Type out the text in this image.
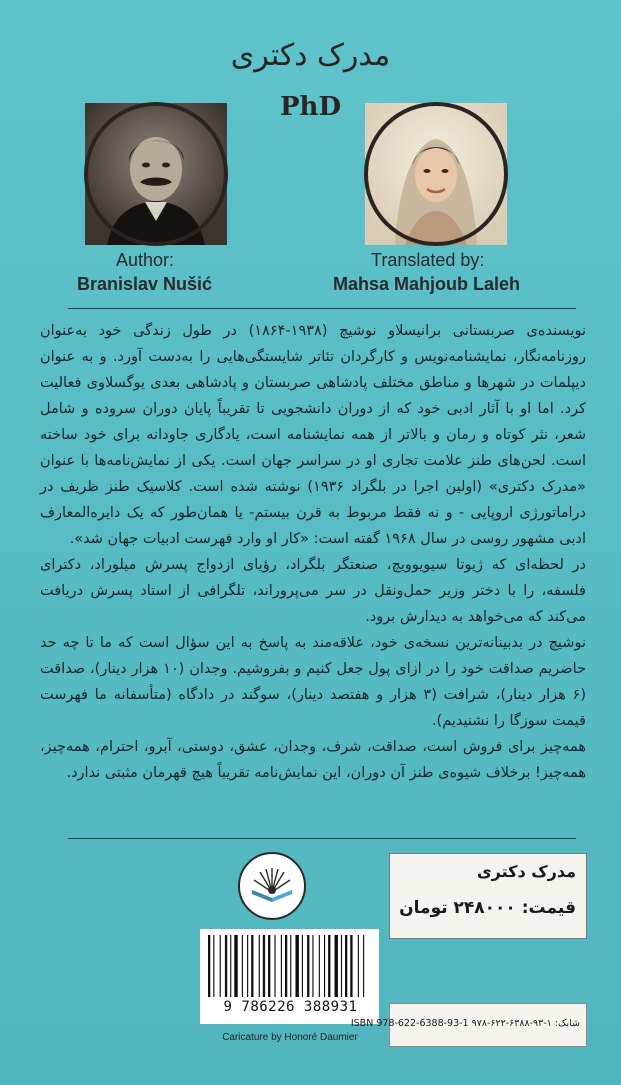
مدرک دکتری
PhD
Author:
Branislav Nušić
Translated by:
Mahsa Mahjoub Laleh

نویسنده‌ی صربستانی برانیسلاو نوشیچ (۱۹۳۸-۱۸۶۴) در طول زندگی خود به‌عنوان روزنامه‌نگار، نمایشنامه‌نویس و کارگردان تئاتر شایستگی‌هایی را به‌دست آورد. و به عنوان دیپلمات در شهرها و مناطق مختلف پادشاهی صربستان و پادشاهی بعدی یوگسلاوی فعالیت کرد. اما او با آثار ادبی خود که از دوران دانشجویی تا تقریباً پایان دوران سروده و شامل شعر، نثر کوتاه و رمان و بالاتر از همه نمایشنامه است، یادگاری جاودانه برای خود ساخته است. لحن‌های طنز علامت تجاری او در سراسر جهان است. یکی از نمایش‌نامه‌ها با عنوان «مدرک دکتری» (اولین اجرا در بلگراد ۱۹۳۶) نوشته شده است. کلاسیک طنز ظریف در دراماتورژی اروپایی - و نه فقط مربوط به قرن بیستم- یا همان‌طور که یک دایره‌المعارف ادبی مشهور روسی در سال ۱۹۶۸ گفته است: «کار او وارد فهرست ادبیات جهان شد».

در لحظه‌ای که ژیوتا سیویوویچ، صنعتگر بلگراد، رؤیای ازدواج پسرش میلوراد، دکترای فلسفه، را با دختر وزیر حمل‌ونقل در سر می‌پروراند، تلگرافی از استاد پسرش دریافت می‌کند که می‌خواهد به دیدارش برود.

نوشیچ در بدبینانه‌ترین نسخه‌ی خود، علاقه‌مند به پاسخ به این سؤال است که ما تا چه حد حاضریم صداقت خود را در ازای پول جعل کنیم و بفروشیم. وجدان (۱۰ هزار دینار)، صداقت (۶ هزار دینار)، شرافت (۳ هزار و هفتصد دینار)، سوگند در دادگاه (متأسفانه ما فهرست قیمت سوزگا را نشنیدیم).

همه‌چیز برای فروش است، صداقت، شرف، وجدان، عشق، دوستی، آبرو، احترام، همه‌چیز، همه‌چیز! برخلاف شیوه‌ی طنز آن دوران، این نمایش‌نامه تقریباً هیچ قهرمان مثبتی ندارد.

مدرک دکتری
قیمت: ۲۴۸۰۰۰ تومان
9 786226 388931
Caricature by Honoré Daumier
شابک: ۱-۹۳-۶۳۸۸-۶۲۲-۹۷۸ ISBN 978-622-6388-93-1
